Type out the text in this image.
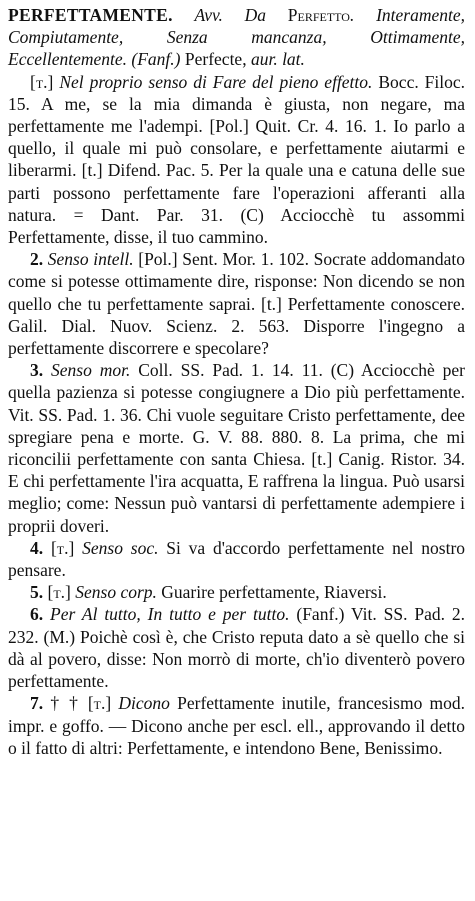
PERFETTAMENTE. Avv. Da Perfetto. Interamente, Compiutamente, Senza mancanza, Ottimamente, Eccellentemente. (Fanf.) Perfecte, aur. lat.

[t.] Nel proprio senso di Fare del pieno effetto. Bocc. Filoc. 15. A me, se la mia dimanda è giusta, non negare, ma perfettamente me l'adempi. [Pol.] Quit. Cr. 4. 16. 1. Io parlo a quello, il quale mi può consolare, e perfettamente aiutarmi e liberarmi. [t.] Difend. Pac. 5. Per la quale una e catuna delle sue parti possono perfettamente fare l'operazioni afferanti alla natura. = Dant. Par. 31. (C) Acciocchè tu assommi Perfettamente, disse, il tuo cammino.

2. Senso intell. [Pol.] Sent. Mor. 1. 102. Socrate addomandato come si potesse ottimamente dire, risponse: Non dicendo se non quello che tu perfettamente saprai. [t.] Perfettamente conoscere. Galil. Dial. Nuov. Scienz. 2. 563. Disporre l'ingegno a perfettamente discorrere e specolare?

3. Senso mor. Coll. SS. Pad. 1. 14. 11. (C) Acciocchè per quella pazienza si potesse congiugnere a Dio più perfettamente. Vit. SS. Pad. 1. 36. Chi vuole seguitare Cristo perfettamente, dee spregiare pena e morte. G. V. 88. 880. 8. La prima, che mi riconcilii perfettamente con santa Chiesa. [t.] Canig. Ristor. 34. E chi perfettamente l'ira acquatta, E raffrena la lingua. Può usarsi meglio; come: Nessun può vantarsi di perfettamente adempiere i proprii doveri.

4. [t.] Senso soc. Si va d'accordo perfettamente nel nostro pensare.

5. [t.] Senso corp. Guarire perfettamente, Riaversi.

6. Per Al tutto, In tutto e per tutto. (Fanf.) Vit. SS. Pad. 2. 232. (M.) Poichè così è, che Cristo reputa dato a sè quello che si dà al povero, disse: Non morrò di morte, ch'io diventerò povero perfettamente.

7. † † [t.] Dicono Perfettamente inutile, francesismo mod. impr. e goffo. — Dicono anche per escl. ell., approvando il detto o il fatto di altri: Perfettamente, e intendono Bene, Benissimo.
